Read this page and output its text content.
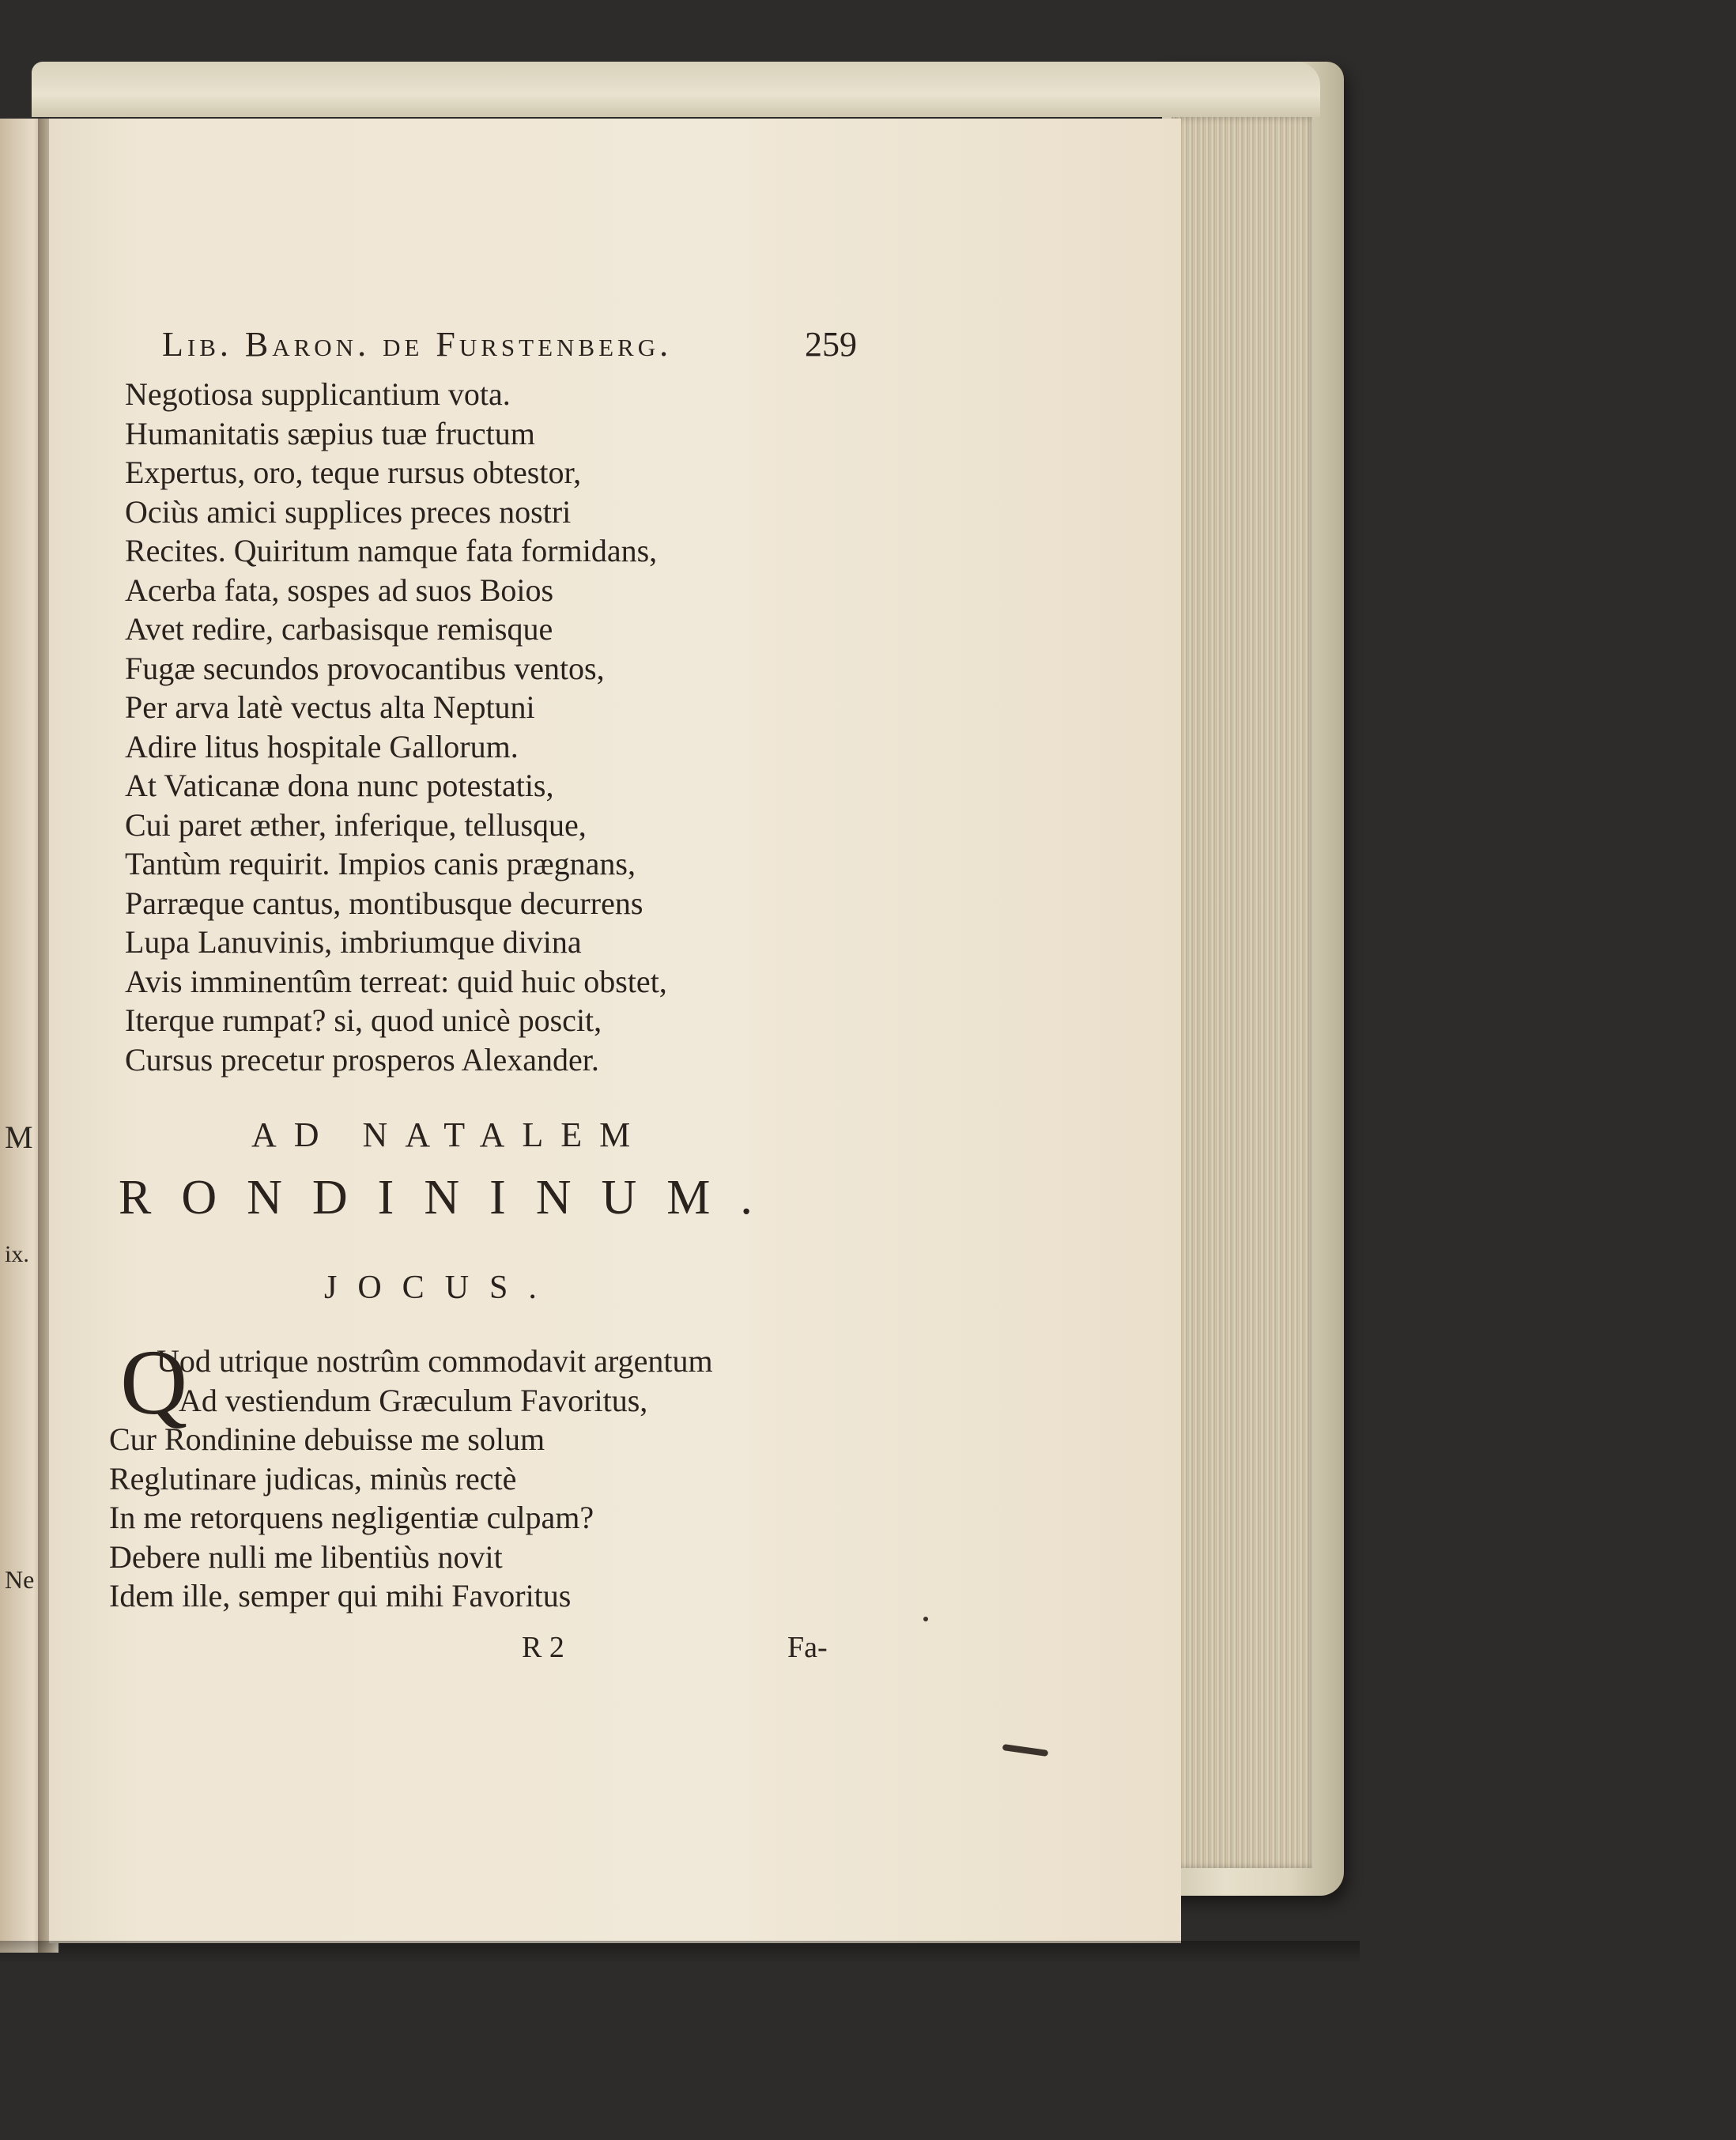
M
ix.
Ne
Lib. Baron. de Furstenberg.	259
Negotiosa supplicantium vota.
Humanitatis sæpius tuæ fructum
Expertus, oro, teque rursus obtestor,
Ociùs amici supplices preces nostri
Recites. Quiritum namque fata formidans,
Acerba fata, sospes ad suos Boios
Avet redire, carbasisque remisque
Fugæ secundos provocantibus ventos,
Per arva latè vectus alta Neptuni
Adire litus hospitale Gallorum.
At Vaticanæ dona nunc potestatis,
Cui paret æther, inferique, tellusque,
Tantùm requirit. Impios canis prægnans,
Parræque cantus, montibusque decurrens
Lupa Lanuvinis, imbriumque divina
Avis imminentûm terreat: quid huic obstet,
Iterque rumpat? si, quod unicè poscit,
Cursus precetur prosperos Alexander.
AD NATALEM
RONDININUM.
JOCUS.
Q
Uod utrique nostrûm commodavit argentum
Ad vestiendum Græculum Favoritus,
Cur Rondinine debuisse me solum
Reglutinare judicas, minùs rectè
In me retorquens negligentiæ culpam?
Debere nulli me libentiùs novit
Idem ille, semper qui mihi Favoritus
R 2	Fa-
